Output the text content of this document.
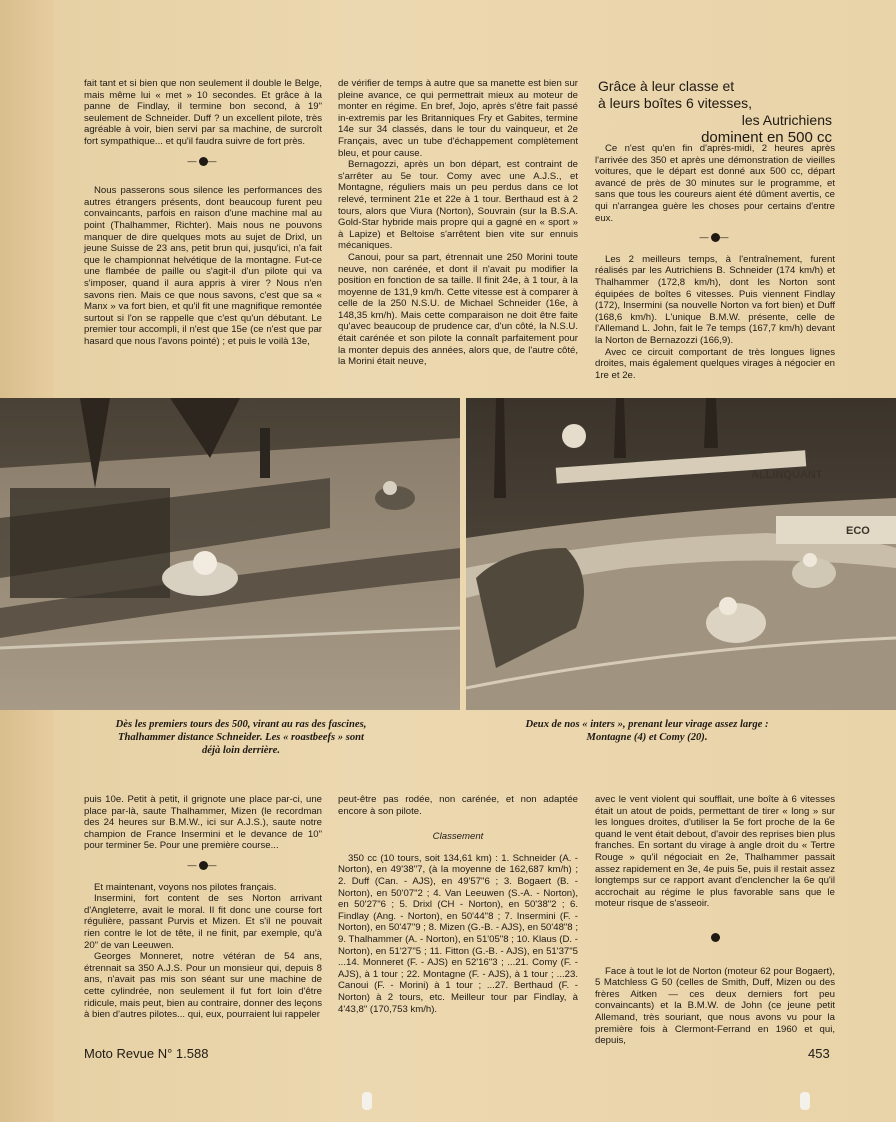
fait tant et si bien que non seulement il double le Belge, mais même lui « met » 10 secondes. Et grâce à la panne de Findlay, il termine bon second, à 19" seulement de Schneider. Duff ? un excellent pilote, très agréable à voir, bien servi par sa machine, de surcroît fort sympathique... et qu'il faudra suivre de fort près.

— —

Nous passerons sous silence les performances des autres étrangers présents, dont beaucoup furent peu convaincants, parfois en raison d'une machine mal au point (Thalhammer, Richter). Mais nous ne pouvons manquer de dire quelques mots au sujet de Drixl, un jeune Suisse de 23 ans, petit brun qui, jusqu'ici, n'a fait que le championnat helvétique de la montagne. Fut-ce une flambée de paille ou s'agit-il d'un pilote qui va s'imposer, quand il aura appris à virer ? Nous n'en savons rien. Mais ce que nous savons, c'est que sa « Manx » va fort bien, et qu'il fit une magnifique remontée surtout si l'on se rappelle que c'est qu'un débutant. Le premier tour accompli, il n'est que 15e (ce n'est que par hasard que nous l'avons pointé) ; et puis le voilà 13e,

de vérifier de temps à autre que sa manette est bien sur pleine avance, ce qui permettrait mieux au moteur de monter en régime. En bref, Jojo, après s'être fait passé in-extremis par les Britanniques Fry et Gabites, termine 14e sur 34 classés, dans le tour du vainqueur, et 2e Français, avec un tube d'échappement complètement bleu, et pour cause.

Bernagozzi, après un bon départ, est contraint de s'arrêter au 5e tour. Comy avec une A.J.S., et Montagne, réguliers mais un peu perdus dans ce lot relevé, terminent 21e et 22e à 1 tour. Berthaud est à 2 tours, alors que Viura (Norton), Souvrain (sur la B.S.A. Gold-Star hybride mais propre qui a gagné en « sport » à Lapize) et Beltoise s'arrêtent bien vite sur ennuis mécaniques.

Canoui, pour sa part, étrennait une 250 Morini toute neuve, non carénée, et dont il n'avait pu modifier la position en fonction de sa taille. Il finit 24e, à 1 tour, à la moyenne de 131,9 km/h. Cette vitesse est à comparer à celle de la 250 N.S.U. de Michael Schneider (16e, à 148,35 km/h). Mais cette comparaison ne doit être faite qu'avec beaucoup de prudence car, d'un côté, la N.S.U. était carénée et son pilote la connaît parfaitement pour la monter depuis des années, alors que, de l'autre côté, la Morini était neuve,

Grâce à leur classe et
à leurs boîtes 6 vitesses,
les Autrichiens
dominent en 500 cc

Ce n'est qu'en fin d'après-midi, 2 heures après l'arrivée des 350 et après une démonstration de vieilles voitures, que le départ est donné aux 500 cc, départ avancé de près de 30 minutes sur le programme, et sans que tous les coureurs aient été dûment avertis, ce qui n'arrangea guère les choses pour certains d'entre eux.

— —

Les 2 meilleurs temps, à l'entraînement, furent réalisés par les Autrichiens B. Schneider (174 km/h) et Thalhammer (172,8 km/h), dont les Norton sont équipées de boîtes 6 vitesses. Puis viennent Findlay (172), Insermini (sa nouvelle Norton va fort bien) et Duff (168,6 km/h). L'unique B.M.W. présente, celle de l'Allemand L. John, fait le 7e temps (167,7 km/h) devant la Norton de Bernazozzi (166,9).

Avec ce circuit comportant de très longues lignes droites, mais également quelques virages à négocier en 1re et 2e.

ALLINQUANT
ECO
Dès les premiers tours des 500, virant au ras des fascines, Thalhammer distance Schneider. Les « roastbeefs » sont déjà loin derrière.
Deux de nos « inters », prenant leur virage assez large : Montagne (4) et Comy (20).

puis 10e. Petit à petit, il grignote une place par-ci, une place par-là, saute Thalhammer, Mizen (le recordman des 24 heures sur B.M.W., ici sur A.J.S.), saute notre champion de France Insermini et le devance de 10" pour terminer 5e. Pour une première course...

— —

Et maintenant, voyons nos pilotes français.

Insermini, fort content de ses Norton arrivant d'Angleterre, avait le moral. Il fit donc une course fort régulière, passant Purvis et Mizen. Et s'il ne pouvait rien contre le lot de tête, il ne finit, par exemple, qu'à 20" de van Leeuwen.

Georges Monneret, notre vétéran de 54 ans, étrennait sa 350 A.J.S. Pour un monsieur qui, depuis 8 ans, n'avait pas mis son séant sur une machine de cette cylindrée, non seulement il fut fort loin d'être ridicule, mais peut, bien au contraire, donner des leçons à bien d'autres pilotes... qui, eux, pourraient lui rappeler

peut-être pas rodée, non carénée, et non adaptée encore à son pilote.

Classement

350 cc (10 tours, soit 134,61 km) : 1. Schneider (A. - Norton), en 49'38"7, (à la moyenne de 162,687 km/h) ; 2. Duff (Can. - AJS), en 49'57"6 ; 3. Bogaert (B. - Norton), en 50'07"2 ; 4. Van Leeuwen (S.-A. - Norton), en 50'27"6 ; 5. Drixl (CH - Norton), en 50'38"2 ; 6. Findlay (Ang. - Norton), en 50'44"8 ; 7. Insermini (F. - Norton), en 50'47"9 ; 8. Mizen (G.-B. - AJS), en 50'48"8 ; 9. Thalhammer (A. - Norton), en 51'05"8 ; 10. Klaus (D. - Norton), en 51'27"5 ; 11. Fitton (G.-B. - AJS), en 51'37"5 ...14. Monneret (F. - AJS) en 52'16"3 ; ...21. Comy (F. - AJS), à 1 tour ; 22. Montagne (F. - AJS), à 1 tour ; ...23. Canoui (F. - Morini) à 1 tour ; ...27. Berthaud (F. - Norton) à 2 tours, etc. Meilleur tour par Findlay, à 4'43,8" (170,753 km/h).

avec le vent violent qui soufflait, une boîte à 6 vitesses était un atout de poids, permettant de tirer « long » sur les longues droites, d'utiliser la 5e fort proche de la 6e quand le vent était debout, d'avoir des reprises bien plus franches. En sortant du virage à angle droit du « Tertre Rouge » qu'il négociait en 2e, Thalhammer passait assez rapidement en 3e, 4e puis 5e, puis il restait assez longtemps sur ce rapport avant d'enclencher la 6e qu'il accrochait au régime le plus favorable sans que le moteur risque de s'asseoir.

Face à tout le lot de Norton (moteur 62 pour Bogaert), 5 Matchless G 50 (celles de Smith, Duff, Mizen ou des frères Aitken — ces deux derniers fort peu convaincants) et la B.M.W. de John (ce jeune petit Allemand, très souriant, que nous avons vu pour la première fois à Clermont-Ferrand en 1960 et qui, depuis,

Moto Revue N° 1.588	453
